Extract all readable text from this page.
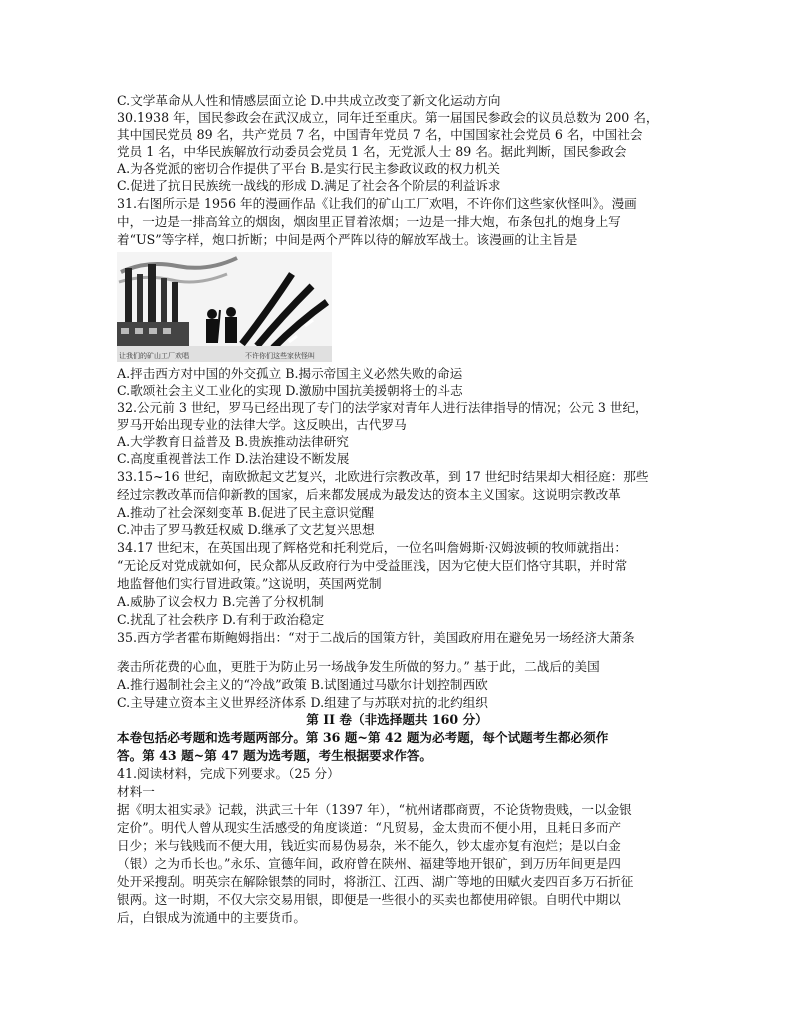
C.文学革命从人性和情感层面立论 D.中共成立改变了新文化运动方向
30.1938 年，国民参政会在武汉成立，同年迁至重庆。第一届国民参政会的议员总数为 200 名，
其中国民党员 89 名，共产党员 7 名，中国青年党员 7 名，中国国家社会党员 6 名，中国社会
党员 1 名，中华民族解放行动委员会党员 1 名，无党派人士 89 名。据此判断，国民参政会
A.为各党派的密切合作提供了平台 B.是实行民主参政议政的权力机关
C.促进了抗日民族统一战线的形成 D.满足了社会各个阶层的利益诉求
31.右图所示是 1956 年的漫画作品《让我们的矿山工厂欢唱，不许你们这些家伙怪叫》。漫画
中，一边是一排高耸立的烟囱，烟囱里正冒着浓烟；一边是一排大炮，布条包扎的炮身上写
着“US”等字样，炮口折断；中间是两个严阵以待的解放军战士。该漫画的让主旨是
让我们的矿山工厂欢唱	不许你们这些家伙怪叫
A.抨击西方对中国的外交孤立 B.揭示帝国主义必然失败的命运
C.歌颂社会主义工业化的实现 D.激励中国抗美援朝将士的斗志
32.公元前 3 世纪，罗马已经出现了专门的法学家对青年人进行法律指导的情况；公元 3 世纪，
罗马开始出现专业的法律大学。这反映出，古代罗马
A.大学教育日益普及 B.贵族推动法律研究
C.高度重视普法工作 D.法治建设不断发展
33.15~16 世纪，南欧掀起文艺复兴，北欧进行宗教改革，到 17 世纪时结果却大相径庭：那些
经过宗教改革而信仰新教的国家，后来都发展成为最发达的资本主义国家。这说明宗教改革
A.推动了社会深刻变革 B.促进了民主意识觉醒
C.冲击了罗马教廷权威 D.继承了文艺复兴思想
34.17 世纪末，在英国出现了辉格党和托利党后，一位名叫詹姆斯·汉姆波顿的牧师就指出：
“无论反对党成就如何，民众都从反政府行为中受益匪浅，因为它使大臣们恪守其职，并时常
地监督他们实行冒进政策。”这说明，英国两党制
A.威胁了议会权力 B.完善了分权机制
C.扰乱了社会秩序 D.有利于政治稳定
35.西方学者霍布斯鲍姆指出：“对于二战后的国策方针，美国政府用在避免另一场经济大萧条
袭击所花费的心血，更胜于为防止另一场战争发生所做的努力。” 基于此，二战后的美国
A.推行遏制社会主义的“冷战”政策 B.试图通过马歇尔计划控制西欧
C.主导建立资本主义世界经济体系 D.组建了与苏联对抗的北约组织
第 II 卷（非选择题共 160 分）
本卷包括必考题和选考题两部分。第 36 题~第 42 题为必考题，每个试题考生都必须作
答。第 43 题~第 47 题为选考题，考生根据要求作答。
41.阅读材料，完成下列要求。（25 分）
材料一
据《明太祖实录》记载，洪武三十年（1397 年），“杭州诸郡商贾，不论货物贵贱，一以金银
定价”。明代人曾从现实生活感受的角度谈道：“凡贸易，金太贵而不便小用，且耗日多而产
日少；米与钱贱而不便大用，钱近实而易伪易杂，米不能久，钞太虚亦复有泡烂；是以白金
（银）之为币长也。”永乐、宣德年间，政府曾在陕州、福建等地开银矿，到万历年间更是四
处开采搜刮。明英宗在解除银禁的同时，将浙江、江西、湖广等地的田赋火麦四百多万石折征
银两。这一时期，不仅大宗交易用银，即便是一些很小的买卖也都使用碎银。自明代中期以
后，白银成为流通中的主要货币。
